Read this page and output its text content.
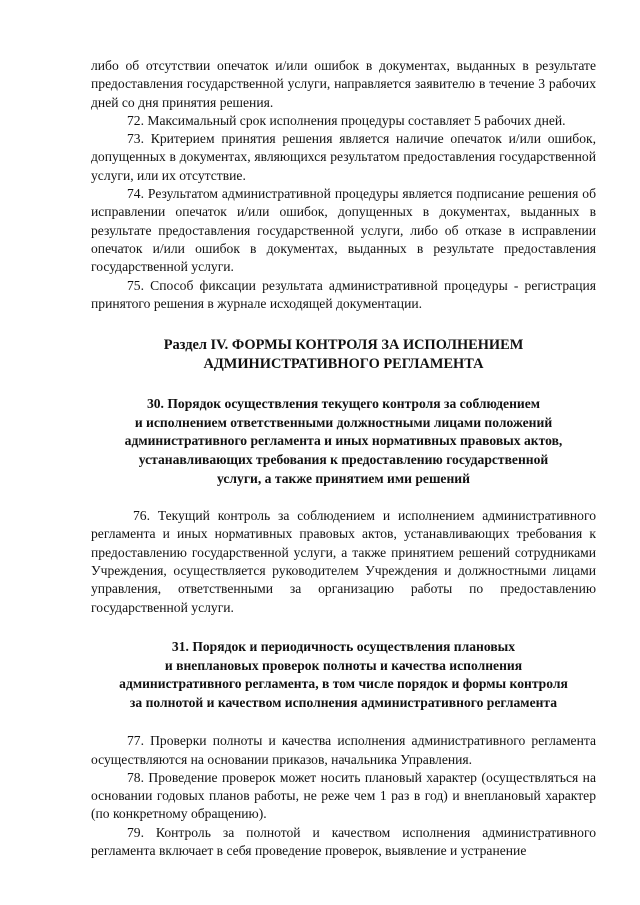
либо об отсутствии опечаток и/или ошибок в документах, выданных в результате предоставления государственной услуги, направляется заявителю в течение 3 рабочих дней со дня принятия решения.

72. Максимальный срок исполнения процедуры составляет 5 рабочих дней.

73. Критерием принятия решения является наличие опечаток и/или ошибок, допущенных в документах, являющихся результатом предоставления государственной услуги, или их отсутствие.

74. Результатом административной процедуры является подписание решения об исправлении опечаток и/или ошибок, допущенных в документах, выданных в результате предоставления государственной услуги, либо об отказе в исправлении опечаток и/или ошибок в документах, выданных в результате предоставления государственной услуги.

75. Способ фиксации результата административной процедуры - регистрация принятого решения в журнале исходящей документации.

Раздел IV. ФОРМЫ КОНТРОЛЯ ЗА ИСПОЛНЕНИЕМ
АДМИНИСТРАТИВНОГО РЕГЛАМЕНТА
30. Порядок осуществления текущего контроля за соблюдением
и исполнением ответственными должностными лицами положений
административного регламента и иных нормативных правовых актов,
устанавливающих требования к предоставлению государственной
услуги, а также принятием ими решений

76. Текущий контроль за соблюдением и исполнением административного регламента и иных нормативных правовых актов, устанавливающих требования к предоставлению государственной услуги, а также принятием решений сотрудниками Учреждения, осуществляется руководителем Учреждения и должностными лицами управления, ответственными за организацию работы по предоставлению государственной услуги.

31. Порядок и периодичность осуществления плановых
и внеплановых проверок полноты и качества исполнения
административного регламента, в том числе порядок и формы контроля
за полнотой и качеством исполнения административного регламента

77. Проверки полноты и качества исполнения административного регламента осуществляются на основании приказов, начальника Управления.

78. Проведение проверок может носить плановый характер (осуществляться на основании годовых планов работы, не реже чем 1 раз в год) и внеплановый характер (по конкретному обращению).

79. Контроль за полнотой и качеством исполнения административного регламента включает в себя проведение проверок, выявление и устранение
